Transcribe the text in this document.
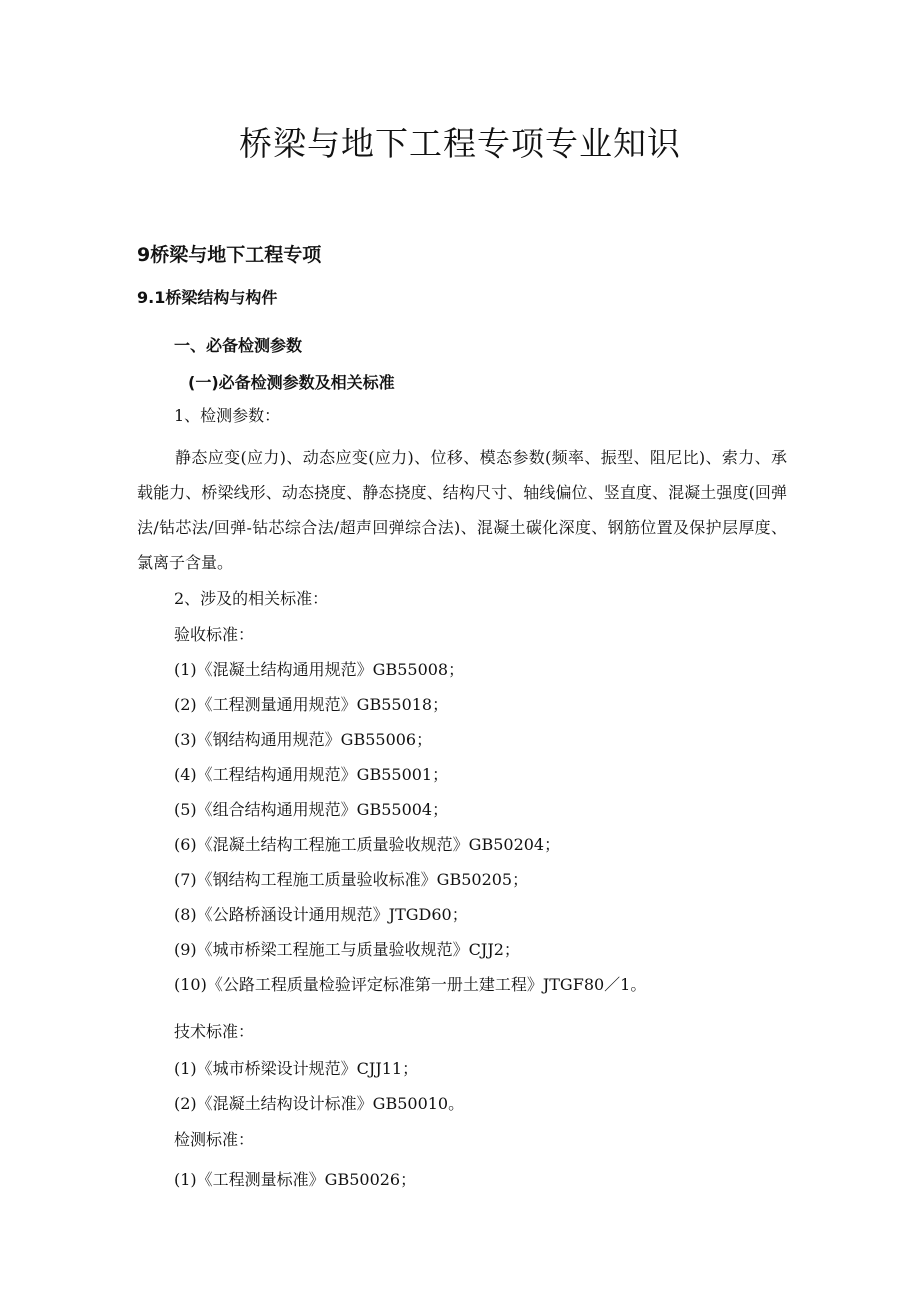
桥梁与地下工程专项专业知识
9桥梁与地下工程专项
9.1桥梁结构与构件
一、必备检测参数
(一)必备检测参数及相关标准

1、检测参数：

静态应变(应力)、动态应变(应力)、位移、模态参数(频率、振型、阻尼比)、索力、承载能力、桥梁线形、动态挠度、静态挠度、结构尺寸、轴线偏位、竖直度、混凝土强度(回弹法/钻芯法/回弹-钻芯综合法/超声回弹综合法)、混凝土碳化深度、钢筋位置及保护层厚度、氯离子含量。

2、涉及的相关标准：

验收标准：

(1)《混凝土结构通用规范》GB55008；
(2)《工程测量通用规范》GB55018；
(3)《钢结构通用规范》GB55006；
(4)《工程结构通用规范》GB55001；
(5)《组合结构通用规范》GB55004；
(6)《混凝土结构工程施工质量验收规范》GB50204；
(7)《钢结构工程施工质量验收标准》GB50205；
(8)《公路桥涵设计通用规范》JTGD60；
(9)《城市桥梁工程施工与质量验收规范》CJJ2；
(10)《公路工程质量检验评定标准第一册土建工程》JTGF80／1。

技术标准：

(1)《城市桥梁设计规范》CJJ11；
(2)《混凝土结构设计标准》GB50010。

检测标准：

(1)《工程测量标准》GB50026；
